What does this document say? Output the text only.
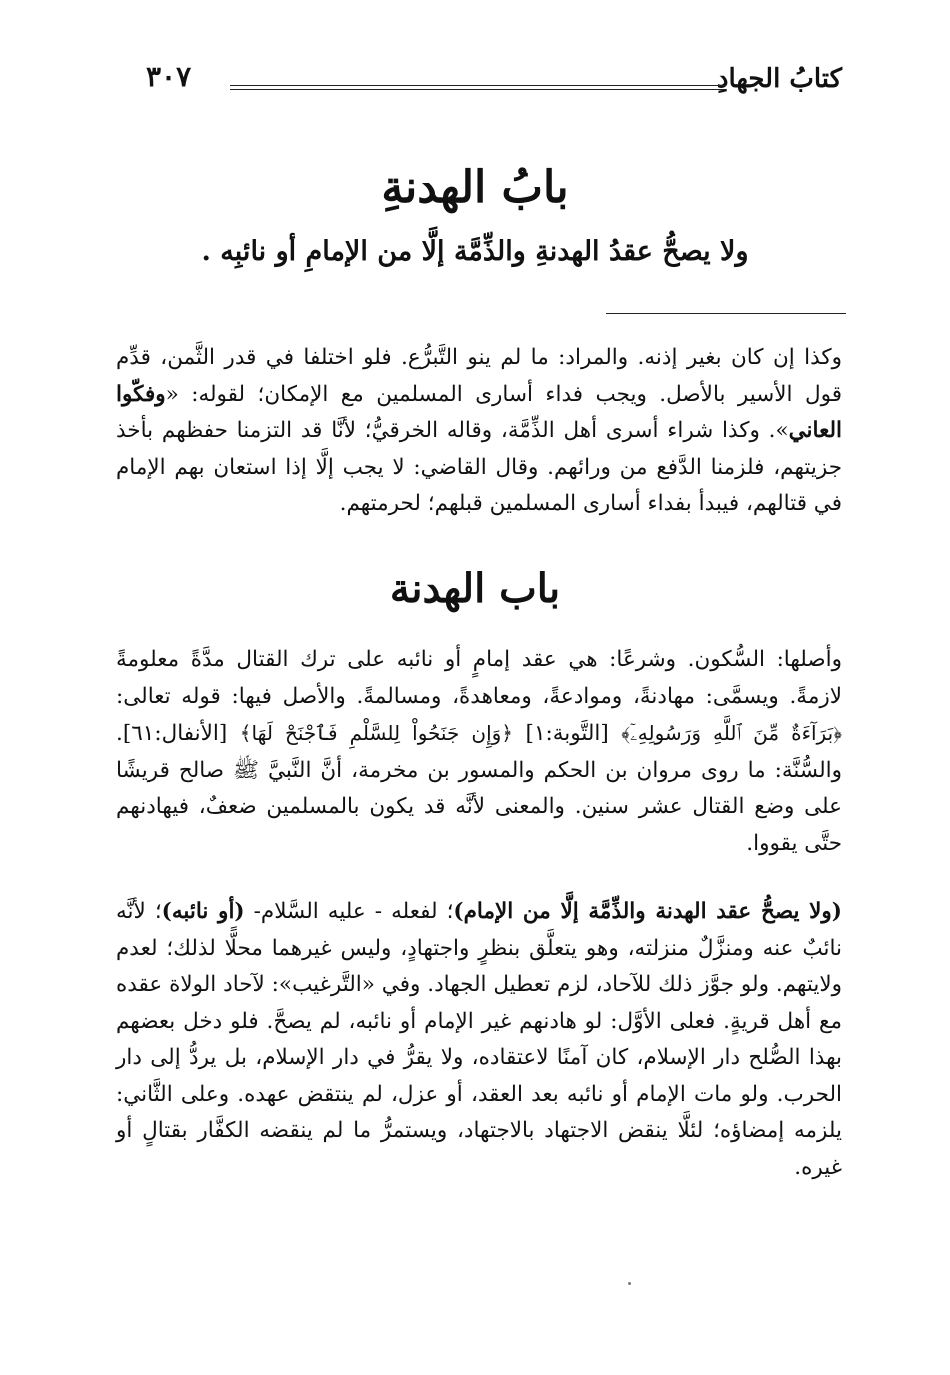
كتابُ الجهادِ
٣٠٧
بابُ الهدنةِ
ولا يصحُّ عقدُ الهدنةِ والذِّمَّة إلَّا من الإمامِ أو نائبِه .

وكذا إن كان بغير إذنه. والمراد: ما لم ينو التَّبرُّع. فلو اختلفا في قدر الثَّمن، قدِّم قول الأسير بالأصل. ويجب فداء أسارى المسلمين مع الإمكان؛ لقوله: «وفكّوا العاني». وكذا شراء أسرى أهل الذِّمَّة، وقاله الخرقيُّ؛ لأنَّا قد التزمنا حفظهم بأخذ جزيتهم، فلزمنا الدَّفع من ورائهم. وقال القاضي: لا يجب إلَّا إذا استعان بهم الإمام في قتالهم، فيبدأ بفداء أسارى المسلمين قبلهم؛ لحرمتهم.

باب الهدنة

وأصلها: السُّكون. وشرعًا: هي عقد إمامٍ أو نائبه على ترك القتال مدَّةً معلومةً لازمةً. ويسمَّى: مهادنةً، وموادعةً، ومعاهدةً، ومسالمةً. والأصل فيها: قوله تعالى: ﴿بَرَآءَةٌ مِّنَ ٱللَّهِ وَرَسُولِهِۦٓ﴾ [التَّوبة:١] ﴿وَإِن جَنَحُواْ لِلسَّلْمِ فَٱجْنَحْ لَهَا﴾ [الأنفال:٦١]. والسُّنَّة: ما روى مروان بن الحكم والمسور بن مخرمة، أنَّ النَّبيَّ ﷺ صالح قريشًا على وضع القتال عشر سنين. والمعنى لأنَّه قد يكون بالمسلمين ضعفٌ، فيهادنهم حتَّى يقووا.

(ولا يصحُّ عقد الهدنة والذِّمَّة إلَّا من الإمام)؛ لفعله - عليه السَّلام- (أو نائبه)؛ لأنَّه نائبٌ عنه ومنزَّلٌ منزلته، وهو يتعلَّق بنظرٍ واجتهادٍ، وليس غيرهما محلًّا لذلك؛ لعدم ولايتهم. ولو جوَّز ذلك للآحاد، لزم تعطيل الجهاد. وفي «التَّرغيب»: لآحاد الولاة عقده مع أهل قريةٍ. فعلى الأوَّل: لو هادنهم غير الإمام أو نائبه، لم يصحَّ. فلو دخل بعضهم بهذا الصُّلح دار الإسلام، كان آمنًا لاعتقاده، ولا يقرُّ في دار الإسلام، بل يردُّ إلى دار الحرب. ولو مات الإمام أو نائبه بعد العقد، أو عزل، لم ينتقض عهده. وعلى الثَّاني: يلزمه إمضاؤه؛ لئلَّا ينقض الاجتهاد بالاجتهاد، ويستمرُّ ما لم ينقضه الكفَّار بقتالٍ أو غيره.
